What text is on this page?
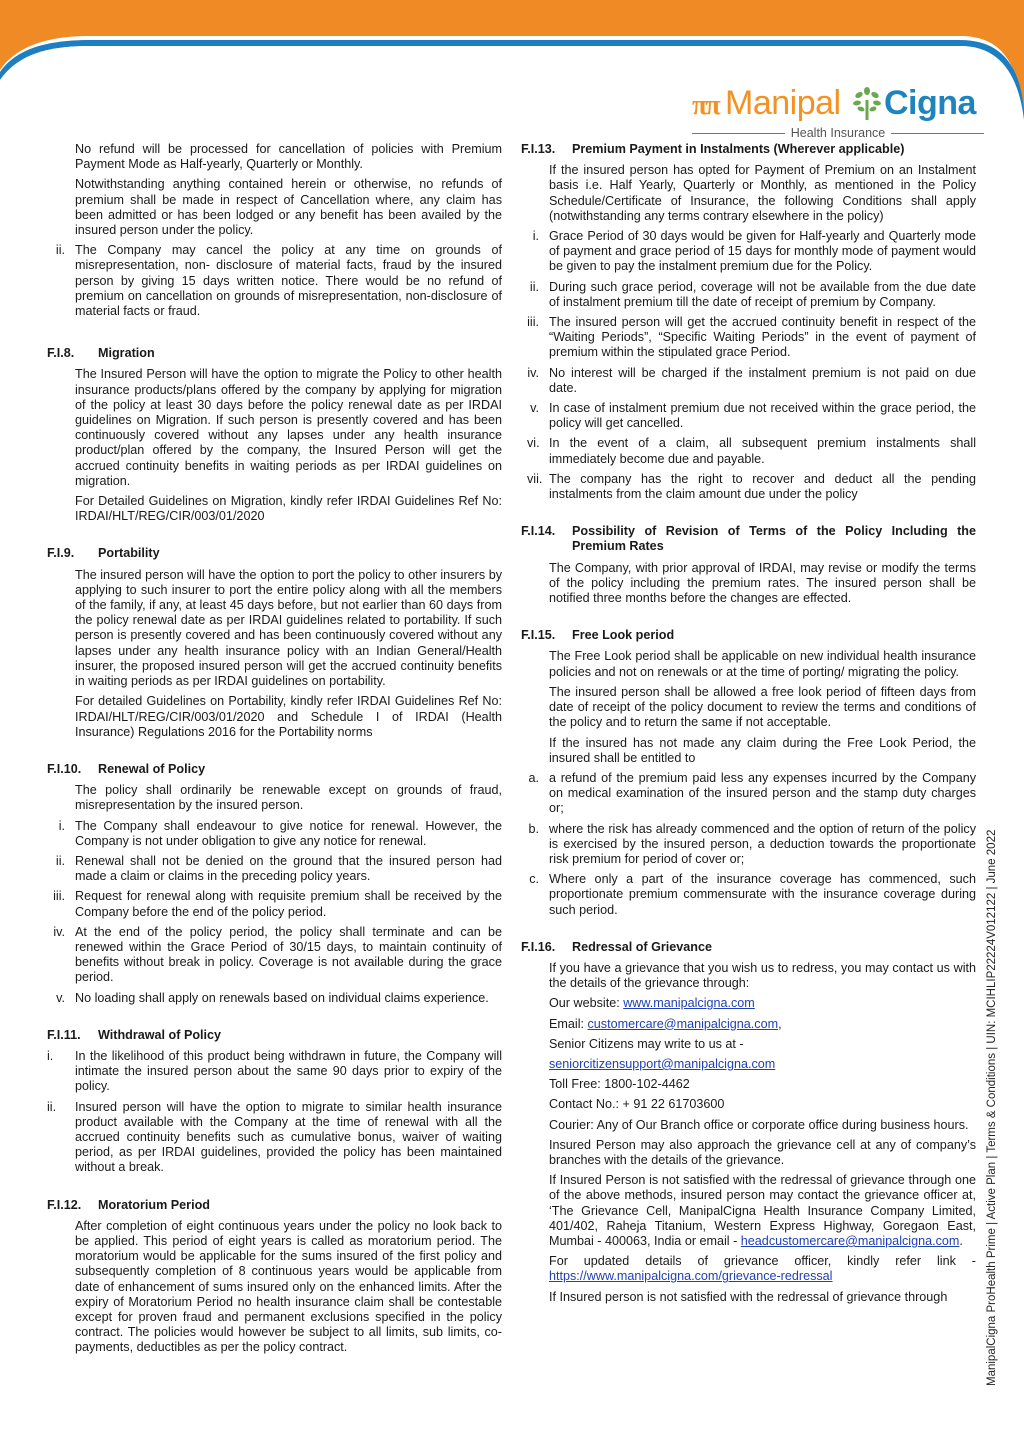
ππ Manipal Cigna
Health Insurance

No refund will be processed for cancellation of policies with Premium Payment Mode as Half-yearly, Quarterly or Monthly.

Notwithstanding anything contained herein or otherwise, no refunds of premium shall be made in respect of Cancellation where, any claim has been admitted or has been lodged or any benefit has been availed by the insured person under the policy.

ii. The Company may cancel the policy at any time on grounds of misrepresentation, non- disclosure of material facts, fraud by the insured person by giving 15 days written notice. There would be no refund of premium on cancellation on grounds of misrepresentation, non-disclosure of material facts or fraud.
F.I.8.	Migration

The Insured Person will have the option to migrate the Policy to other health insurance products/plans offered by the company by applying for migration of the policy at least 30 days before the policy renewal date as per IRDAI guidelines on Migration. If such person is presently covered and has been continuously covered without any lapses under any health insurance product/plan offered by the company, the Insured Person will get the accrued continuity benefits in waiting periods as per IRDAI guidelines on migration.

For Detailed Guidelines on Migration, kindly refer IRDAI Guidelines Ref No: IRDAI/HLT/REG/CIR/003/01/2020

F.I.9.	Portability

The insured person will have the option to port the policy to other insurers by applying to such insurer to port the entire policy along with all the members of the family, if any, at least 45 days before, but not earlier than 60 days from the policy renewal date as per IRDAI guidelines related to portability. If such person is presently covered and has been continuously covered without any lapses under any health insurance policy with an Indian General/Health insurer, the proposed insured person will get the accrued continuity benefits in waiting periods as per IRDAI guidelines on portability.

For detailed Guidelines on Portability, kindly refer IRDAI Guidelines Ref No: IRDAI/HLT/REG/CIR/003/01/2020 and Schedule I of IRDAI (Health Insurance) Regulations 2016 for the Portability norms

F.I.10.	Renewal of Policy

The policy shall ordinarily be renewable except on grounds of fraud, misrepresentation by the insured person.

i. The Company shall endeavour to give notice for renewal. However, the Company is not under obligation to give any notice for renewal.
ii. Renewal shall not be denied on the ground that the insured person had made a claim or claims in the preceding policy years.
iii. Request for renewal along with requisite premium shall be received by the Company before the end of the policy period.
iv. At the end of the policy period, the policy shall terminate and can be renewed within the Grace Period of 30/15 days, to maintain continuity of benefits without break in policy. Coverage is not available during the grace period.
v. No loading shall apply on renewals based on individual claims experience.
F.I.11.	Withdrawal of Policy
i.	In the likelihood of this product being withdrawn in future, the Company will intimate the insured person about the same 90 days prior to expiry of the policy.
ii.	Insured person will have the option to migrate to similar health insurance product available with the Company at the time of renewal with all the accrued continuity benefits such as cumulative bonus, waiver of waiting period, as per IRDAI guidelines, provided the policy has been maintained without a break.
F.I.12.	Moratorium Period

After completion of eight continuous years under the policy no look back to be applied. This period of eight years is called as moratorium period. The moratorium would be applicable for the sums insured of the first policy and subsequently completion of 8 continuous years would be applicable from date of enhancement of sums insured only on the enhanced limits. After the expiry of Moratorium Period no health insurance claim shall be contestable except for proven fraud and permanent exclusions specified in the policy contract. The policies would however be subject to all limits, sub limits, co-payments, deductibles as per the policy contract.

F.I.13.	Premium Payment in Instalments (Wherever applicable)

If the insured person has opted for Payment of Premium on an Instalment basis i.e. Half Yearly, Quarterly or Monthly, as mentioned in the Policy Schedule/Certificate of Insurance, the following Conditions shall apply (notwithstanding any terms contrary elsewhere in the policy)

i. Grace Period of 30 days would be given for Half-yearly and Quarterly mode of payment and grace period of 15 days for monthly mode of payment would be given to pay the instalment premium due for the Policy.
ii. During such grace period, coverage will not be available from the due date of instalment premium till the date of receipt of premium by Company.
iii. The insured person will get the accrued continuity benefit in respect of the “Waiting Periods”, “Specific Waiting Periods” in the event of payment of premium within the stipulated grace Period.
iv. No interest will be charged if the instalment premium is not paid on due date.
v. In case of instalment premium due not received within the grace period, the policy will get cancelled.
vi. In the event of a claim, all subsequent premium instalments shall immediately become due and payable.
vii. The company has the right to recover and deduct all the pending instalments from the claim amount due under the policy
F.I.14.	Possibility of Revision of Terms of the Policy Including the Premium Rates

The Company, with prior approval of IRDAI, may revise or modify the terms of the policy including the premium rates. The insured person shall be notified three months before the changes are effected.

F.I.15.	Free Look period

The Free Look period shall be applicable on new individual health insurance policies and not on renewals or at the time of porting/ migrating the policy.

The insured person shall be allowed a free look period of fifteen days from date of receipt of the policy document to review the terms and conditions of the policy and to return the same if not acceptable.

If the insured has not made any claim during the Free Look Period, the insured shall be entitled to

a. a refund of the premium paid less any expenses incurred by the Company on medical examination of the insured person and the stamp duty charges or;
b. where the risk has already commenced and the option of return of the policy is exercised by the insured person, a deduction towards the proportionate risk premium for period of cover or;
c. Where only a part of the insurance coverage has commenced, such proportionate premium commensurate with the insurance coverage during such period.
F.I.16.	Redressal of Grievance

If you have a grievance that you wish us to redress, you may contact us with the details of the grievance through:

Our website: www.manipalcigna.com

Email: customercare@manipalcigna.com,

Senior Citizens may write to us at -

seniorcitizensupport@manipalcigna.com

Toll Free: 1800-102-4462

Contact No.: + 91 22 61703600

Courier: Any of Our Branch office or corporate office during business hours.

Insured Person may also approach the grievance cell at any of company’s branches with the details of the grievance.

If Insured Person is not satisfied with the redressal of grievance through one of the above methods, insured person may contact the grievance officer at, ‘The Grievance Cell, ManipalCigna Health Insurance Company Limited, 401/402, Raheja Titanium, Western Express Highway, Goregaon East, Mumbai - 400063, India or email - headcustomercare@manipalcigna.com.

For updated details of grievance officer, kindly refer link - https://www.manipalcigna.com/grievance-redressal

If Insured person is not satisfied with the redressal of grievance through	ManipalCigna ProHealth Prime | Active Plan | Terms & Conditions | UIN: MCIHLIP22224V012122 | June 2022
